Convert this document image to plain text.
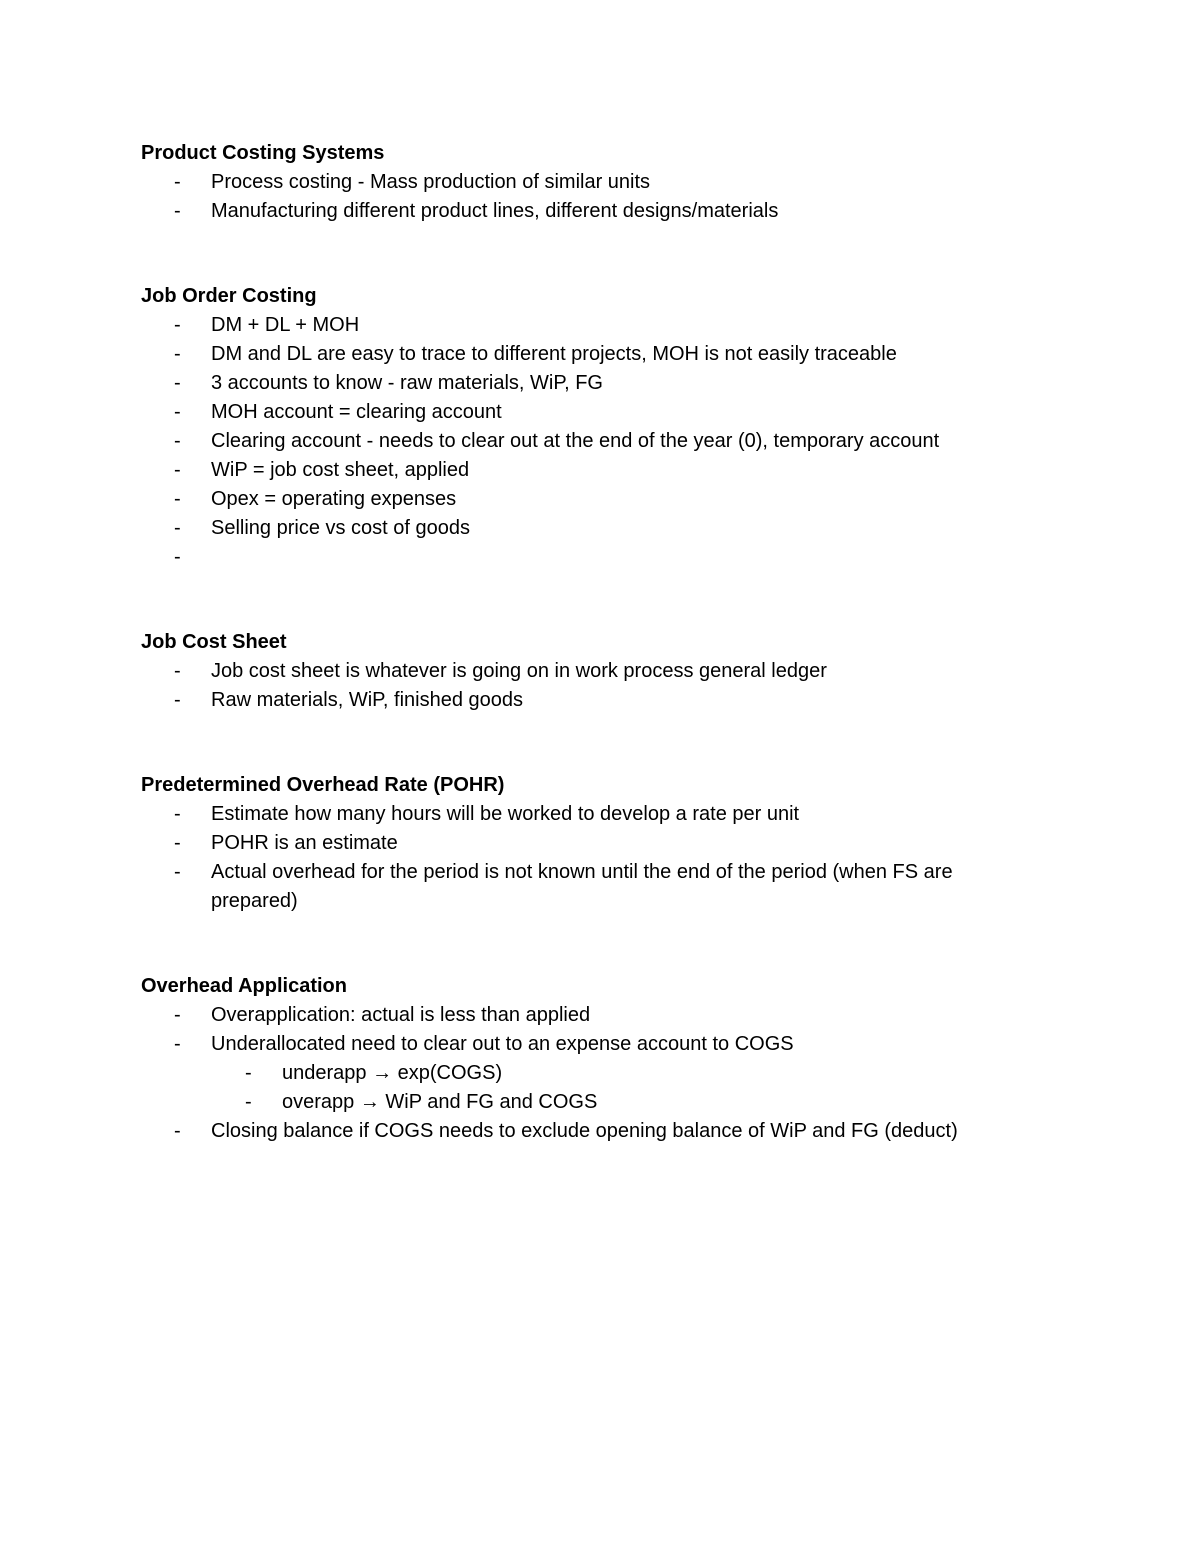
Product Costing Systems
- Process costing - Mass production of similar units
- Manufacturing different product lines, different designs/materials
Job Order Costing
- DM + DL + MOH
- DM and DL are easy to trace to different projects, MOH is not easily traceable
- 3 accounts to know - raw materials, WiP, FG
- MOH account = clearing account
- Clearing account - needs to clear out at the end of the year (0), temporary account
- WiP = job cost sheet, applied
- Opex = operating expenses
- Selling price vs cost of goods
-
Job Cost Sheet
- Job cost sheet is whatever is going on in work process general ledger
- Raw materials, WiP, finished goods
Predetermined Overhead Rate (POHR)
- Estimate how many hours will be worked to develop a rate per unit
- POHR is an estimate
- Actual overhead for the period is not known until the end of the period (when FS are prepared)
Overhead Application
- Overapplication: actual is less than applied
- Underallocated need to clear out to an expense account to COGS
- underapp → exp(COGS)
- overapp → WiP and FG and COGS
- Closing balance if COGS needs to exclude opening balance of WiP and FG (deduct)
